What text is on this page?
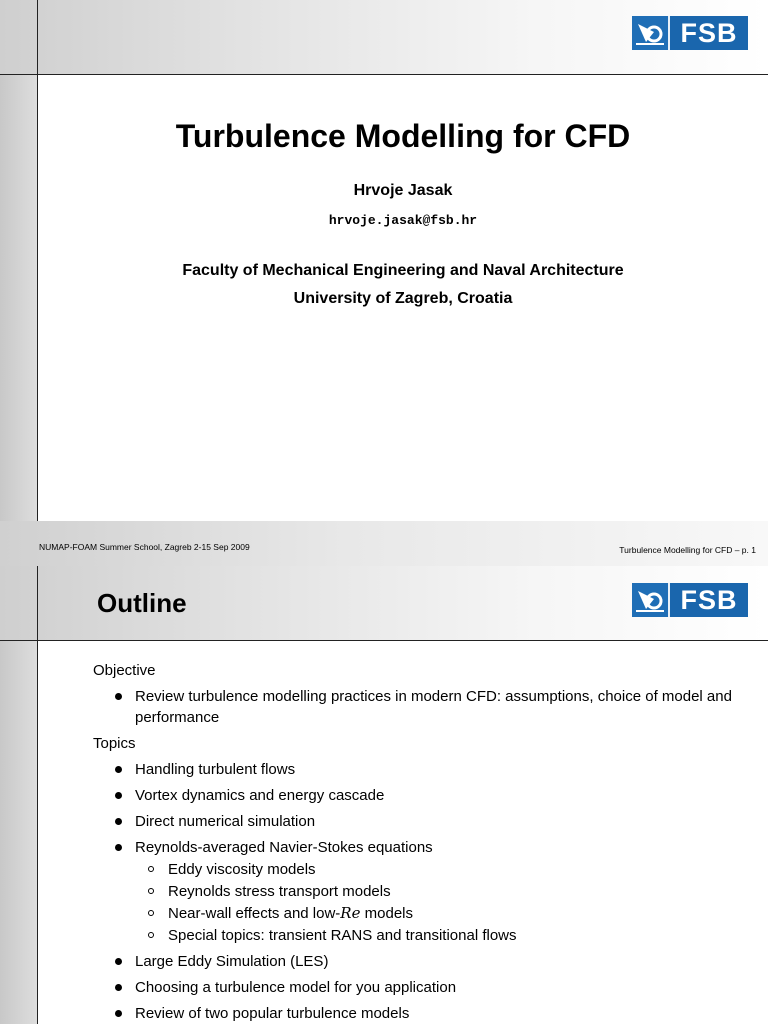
FSB
Turbulence Modelling for CFD
Hrvoje Jasak
hrvoje.jasak@fsb.hr
Faculty of Mechanical Engineering and Naval Architecture
University of Zagreb, Croatia
NUMAP-FOAM Summer School, Zagreb 2-15 Sep 2009	Turbulence Modelling for CFD – p. 1
FSB
Outline
Objective
Review turbulence modelling practices in modern CFD: assumptions, choice of model and performance
Topics
Handling turbulent flows
Vortex dynamics and energy cascade
Direct numerical simulation
Reynolds-averaged Navier-Stokes equations
Eddy viscosity models
Reynolds stress transport models
Near-wall effects and low-Re models
Special topics: transient RANS and transitional flows
Large Eddy Simulation (LES)
Choosing a turbulence model for you application
Review of two popular turbulence models
